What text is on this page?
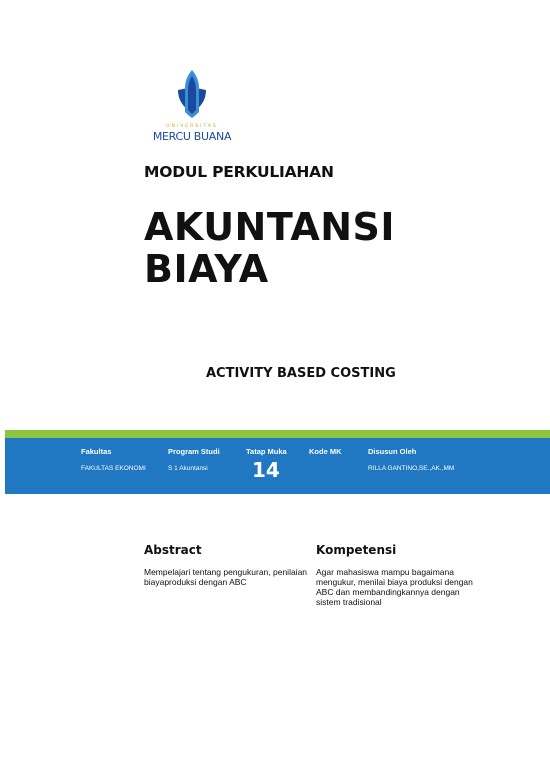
UNIVERSITAS
MERCU BUANA
MODUL PERKULIAHAN
AKUNTANSI
BIAYA
ACTIVITY BASED COSTING
Fakultas
FAKULTAS EKONOMI
Program Studi
S 1 Akuntansi
Tatap Muka
14
Kode MK	Disusun Oleh
RILLA GANTINO,SE.,AK.,MM
Abstract
Mempelajari tentang pengukuran, penilaian biayaproduksi dengan ABC
Kompetensi
Agar mahasiswa mampu bagaimana mengukur, menilai biaya produksi dengan ABC dan membandingkannya dengan sistem tradisional
